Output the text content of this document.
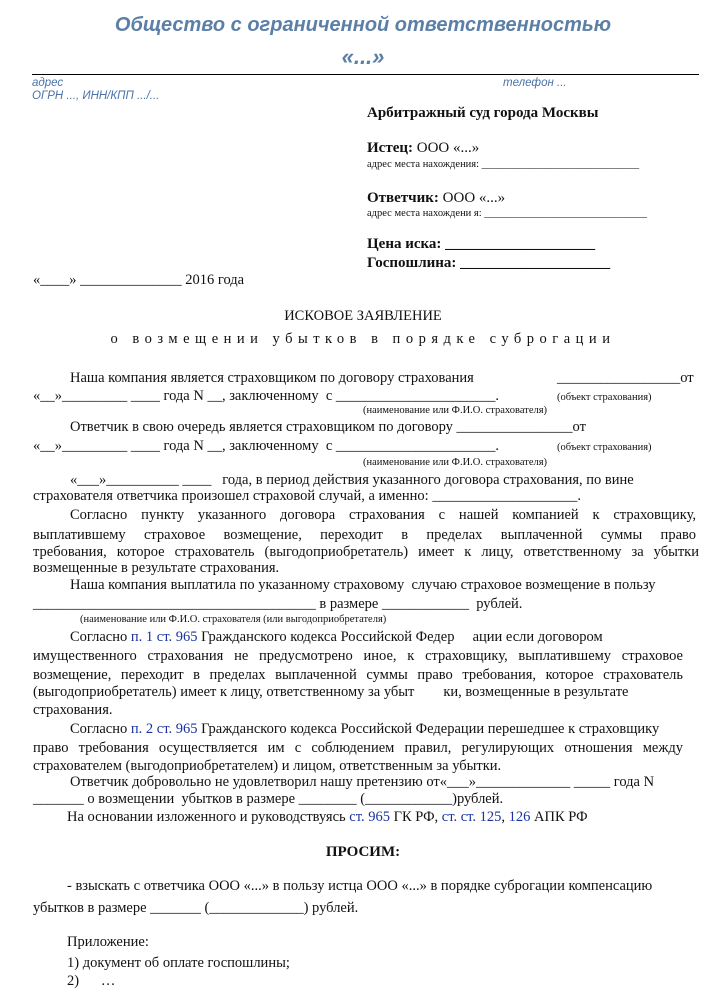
Общество с ограниченной ответственностью
«...»
адрес
ОГРН ..., ИНН/КПП .../...
телефон ...
Арбитражный суд города Москвы
Истец: ООО «...»
адрес места нахождения: ______________________________
Ответчик: ООО «...»
адрес места нахождени я: _______________________________
Цена иска: ____________________
Госпошлина: ____________________
«____» ______________ 2016 года
ИСКОВОЕ ЗАЯВЛЕНИЕ
о возмещении убытков в порядке суброгации
Наша компания является страховщиком по договору страхования	_________________от
«__»_________ ____ года N __, заключенному  с ______________________.	(объект страхования)
(наименование или Ф.И.О. страхователя)
Ответчик в свою очередь является страховщиком по договору ________________от
«__»_________ ____ года N __, заключенному  с ______________________.	(объект страхования)
(наименование или Ф.И.О. страхователя)
«___»__________ ____   года, в период действия указанного договора страхования, по вине
страхователя ответчика произошел страховой случай, а именно: ____________________.
Согласно пункту указанного договора страхования с нашей компанией к страховщику,
выплатившему страховое возмещение, переходит в пределах выплаченной суммы право
требования, которое страхователь (выгодоприобретатель) имеет к лицу, ответственному за убытки
возмещенные в результате страхования.
Наша компания выплатила по указанному страховому  случаю страховое возмещение в пользу
_______________________________________ в размере ____________  рублей.
(наименование или Ф.И.О. страхователя (или выгодоприобретателя)
Согласно п. 1 ст. 965 Гражданского кодекса Российской Федер     ации если договором
имущественного страхования не предусмотрено иное, к страховщику, выплатившему страховое
возмещение, переходит в пределах выплаченной суммы право требования, которое страхователь
(выгодоприобретатель) имеет к лицу, ответственному за убыт        ки, возмещенные в результате
страхования.
Согласно п. 2 ст. 965 Гражданского кодекса Российской Федерации перешедшее к страховщику
право требования осуществляется им с соблюдением правил, регулирующих отношения между
страхователем (выгодоприобретателем) и лицом, ответственным за убытки.
Ответчик добровольно не удовлетворил нашу претензию от«___»_____________ _____ года N
_______ о возмещении  убытков в размере ________ (____________)рублей.
На основании изложенного и руководствуясь ст. 965 ГК РФ, ст. ст. 125, 126 АПК РФ
ПРОСИМ:
- взыскать с ответчика ООО «...» в пользу истца ООО «...» в порядке суброгации компенсацию
убытков в размере _______ (_____________) рублей.
Приложение:
1) документ об оплате госпошлины;
2)      …
